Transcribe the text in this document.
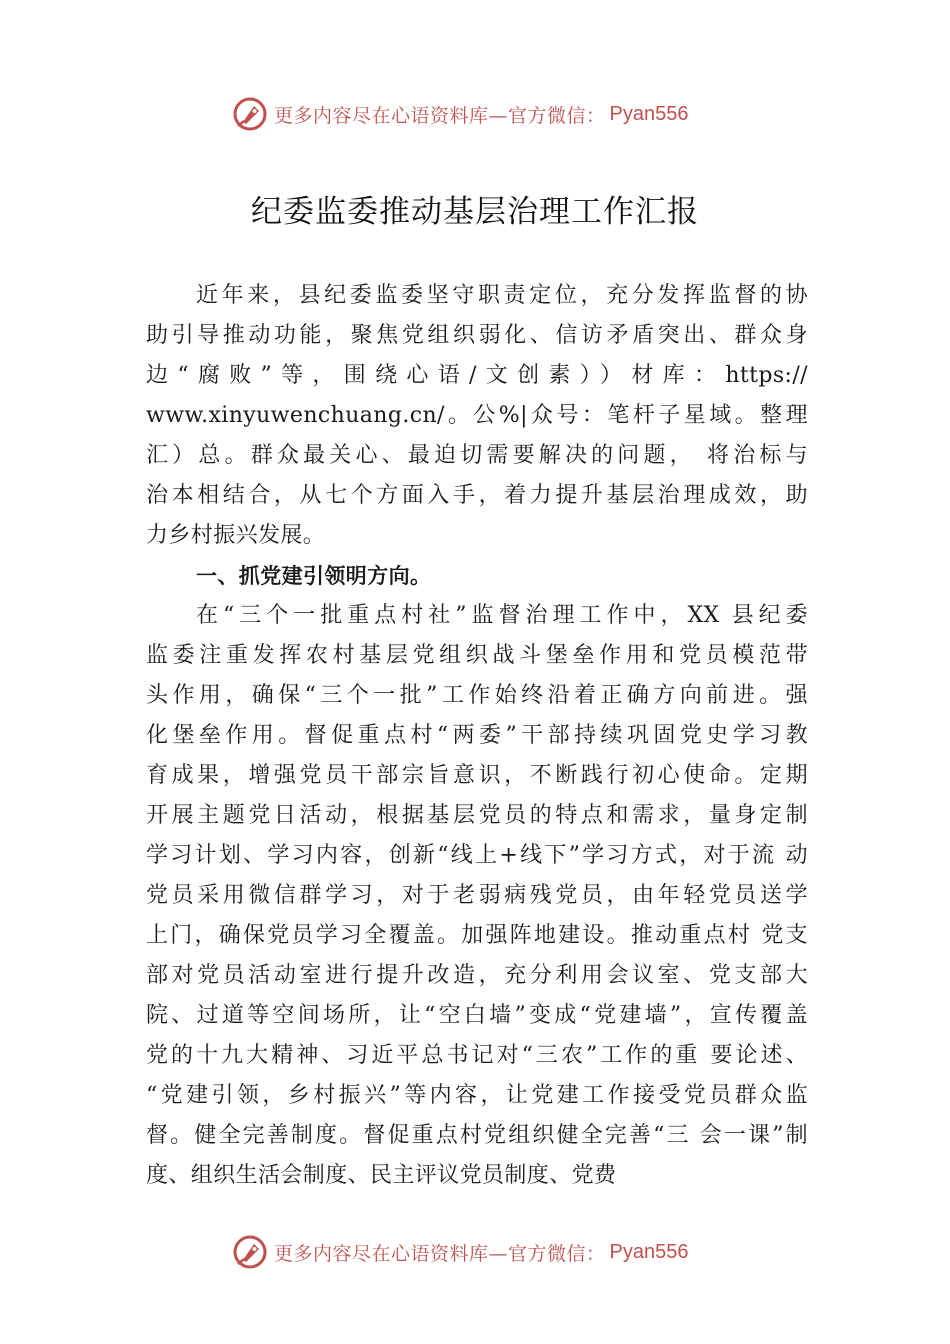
更多内容尽在心语资料库—官方微信： Pyan556
纪委监委推动基层治理工作汇报
近年来，县纪委监委坚守职责定位，充分发挥监督的协
助引导推动功能，聚焦党组织弱化、信访矛盾突出、群众身
边“腐败”等，围绕心语/文创素））材库：https://
www.xinyuwenchuang.cn/。公%|众号：笔杆子星域。整理
汇）总。群众最关心、最迫切需要解决的问题， 将治标与
治本相结合，从七个方面入手，着力提升基层治理成效，助
力乡村振兴发展。
一、抓党建引领明方向。
在“三个一批重点村社”监督治理工作中，XX 县纪委
监委注重发挥农村基层党组织战斗堡垒作用和党员模范带
头作用，确保“三个一批”工作始终沿着正确方向前进。强
化堡垒作用。督促重点村“两委”干部持续巩固党史学习教
育成果，增强党员干部宗旨意识，不断践行初心使命。定期
开展主题党日活动，根据基层党员的特点和需求，量身定制
学习计划、学习内容，创新“线上+线下”学习方式，对于流 动
党员采用微信群学习，对于老弱病残党员，由年轻党员送学
上门，确保党员学习全覆盖。加强阵地建设。推动重点村 党支
部对党员活动室进行提升改造，充分利用会议室、党支部大
院、过道等空间场所，让“空白墙”变成“党建墙”，宣传覆盖
党的十九大精神、习近平总书记对“三农”工作的重 要论述、
“党建引领，乡村振兴”等内容，让党建工作接受党员群众监
督。健全完善制度。督促重点村党组织健全完善“三 会一课”制
度、组织生活会制度、民主评议党员制度、党费
更多内容尽在心语资料库—官方微信： Pyan556
